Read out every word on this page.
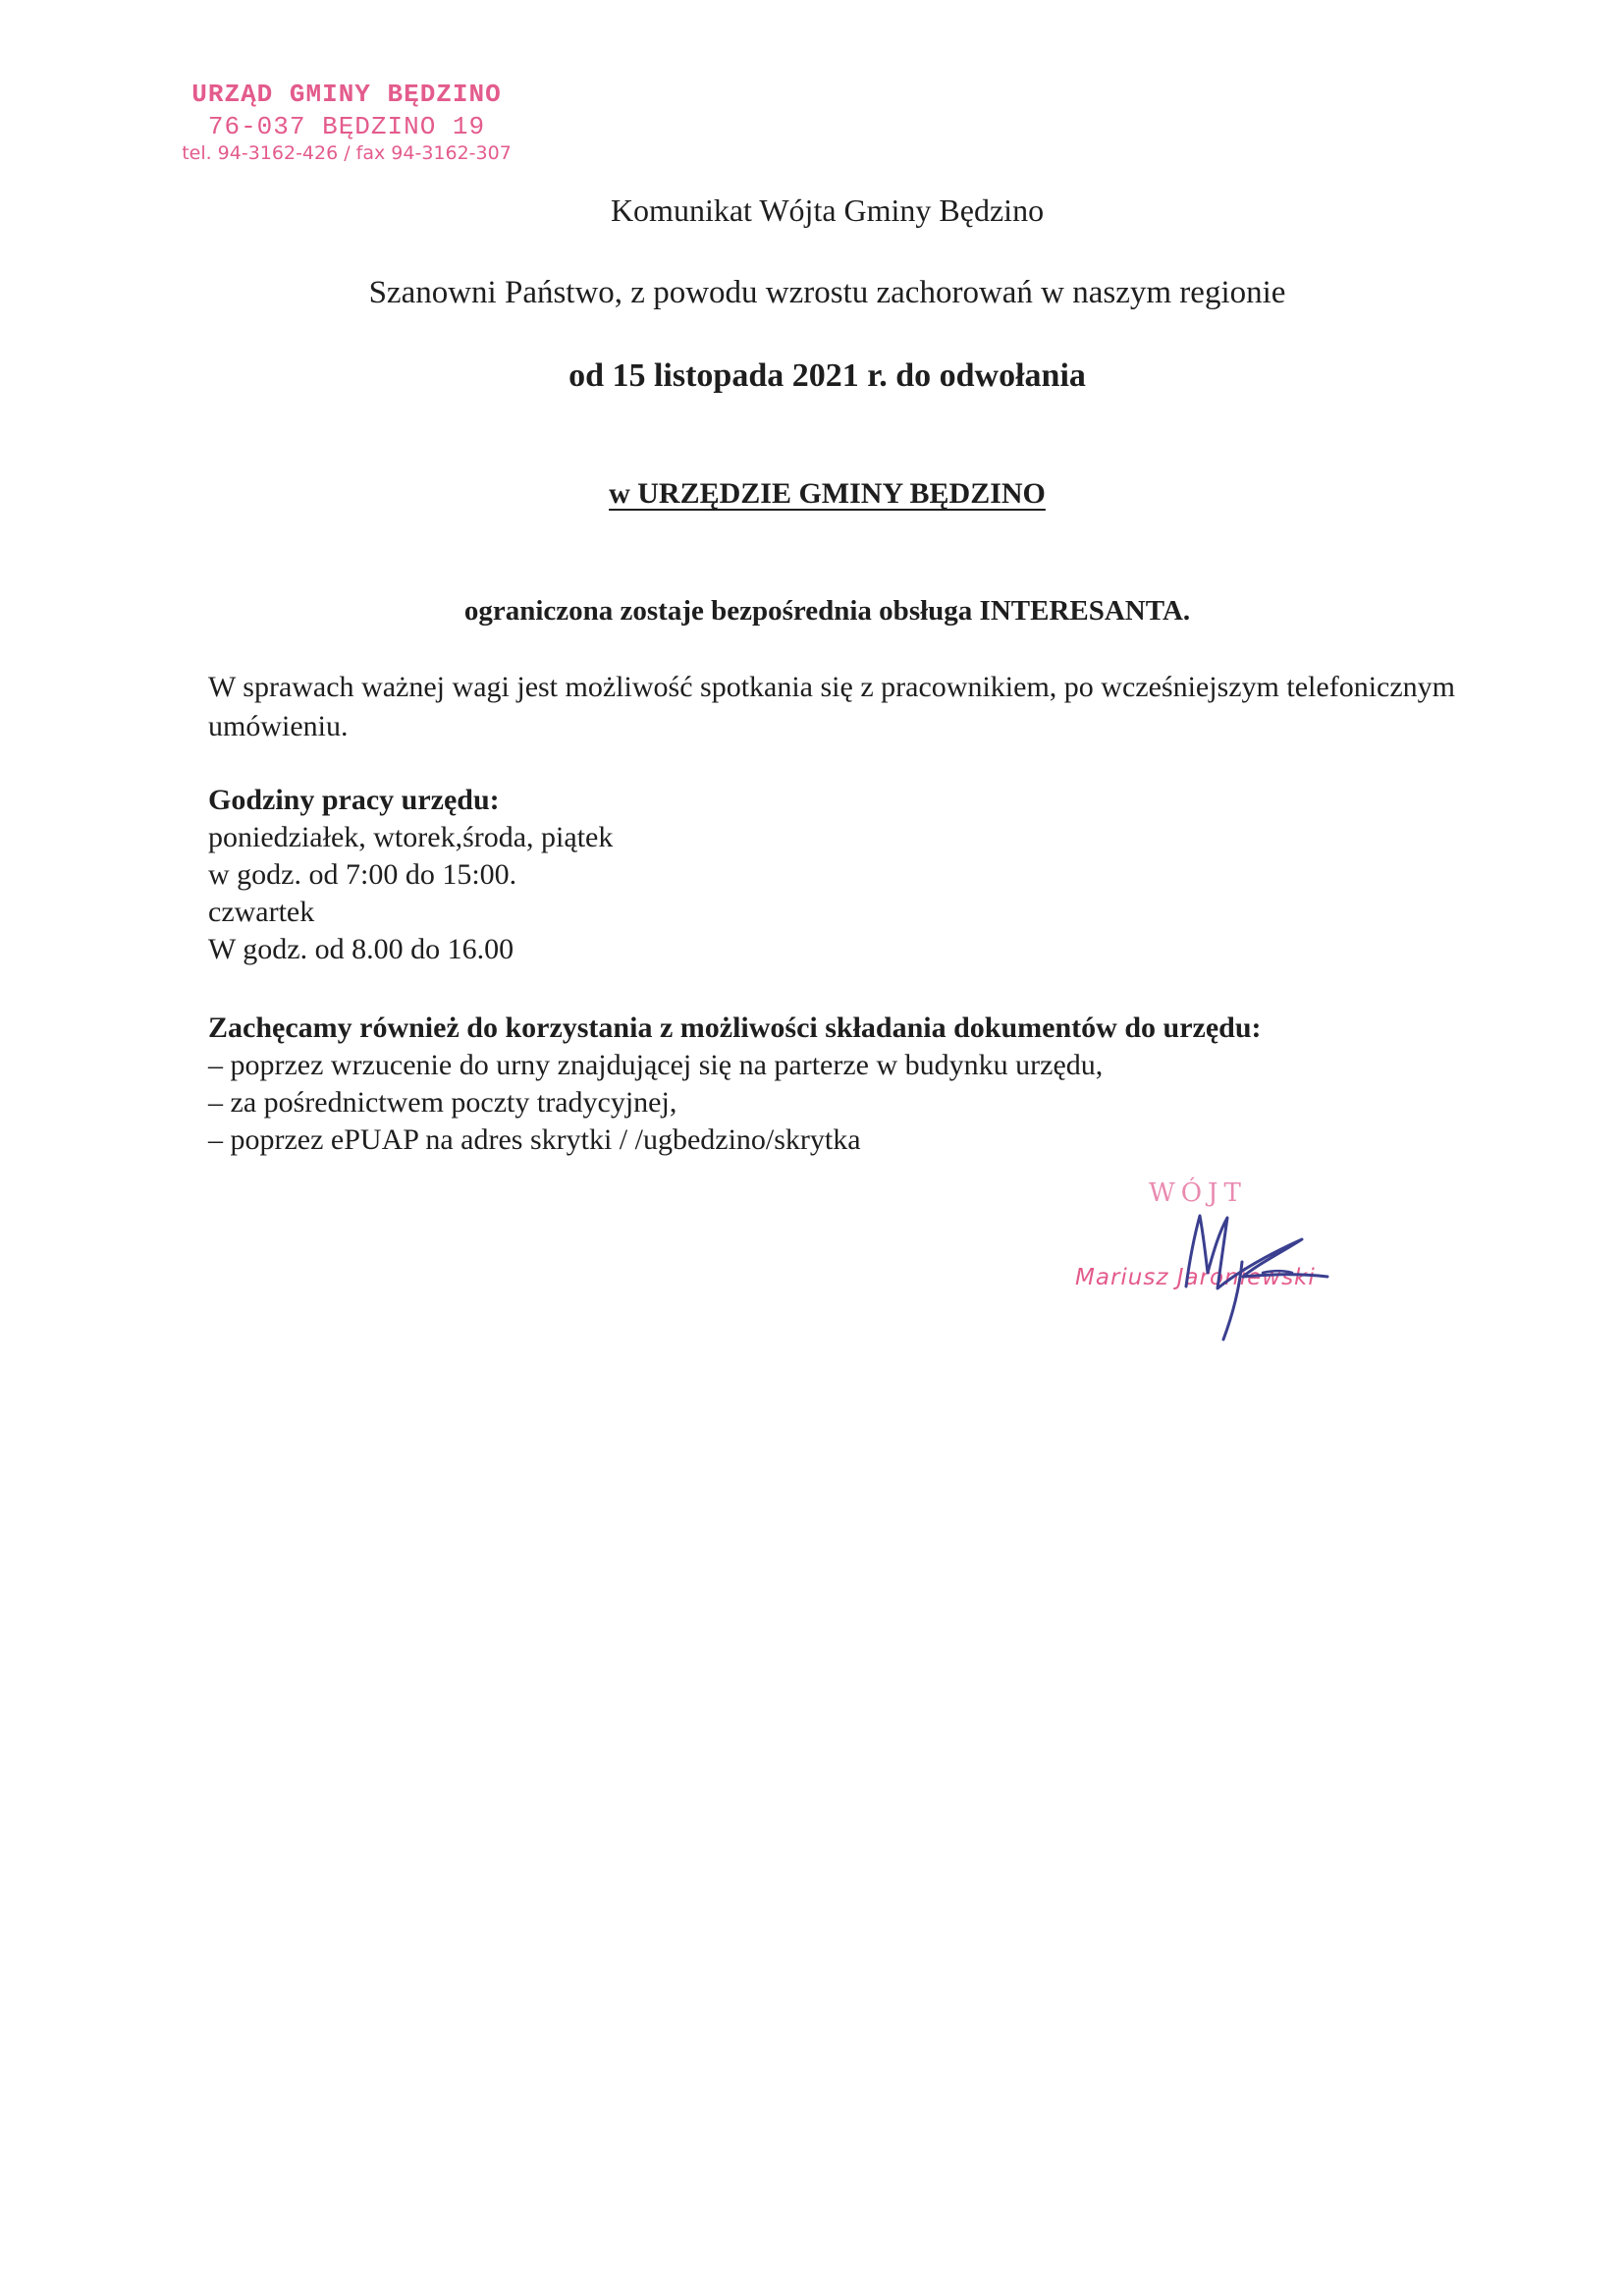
URZĄD GMINY BĘDZINO
76-037 BĘDZINO 19
tel. 94-3162-426 / fax 94-3162-307
Komunikat Wójta Gminy Będzino
Szanowni Państwo, z powodu wzrostu zachorowań w naszym regionie
od 15 listopada 2021 r. do odwołania
w URZĘDZIE GMINY BĘDZINO
ograniczona zostaje bezpośrednia obsługa INTERESANTA.
W sprawach ważnej wagi jest możliwość spotkania się z pracownikiem, po wcześniejszym telefonicznym umówieniu.
Godziny pracy urzędu:
poniedziałek, wtorek,środa, piątek
w godz. od 7:00 do 15:00.
czwartek
W godz. od 8.00 do 16.00
Zachęcamy również do korzystania z możliwości składania dokumentów do urzędu:
– poprzez wrzucenie do urny znajdującej się na parterze w budynku urzędu,
– za pośrednictwem poczty tradycyjnej,
– poprzez ePUAP na adres skrytki / /ugbedzino/skrytka
WÓJT
Mariusz Jaroniewski
